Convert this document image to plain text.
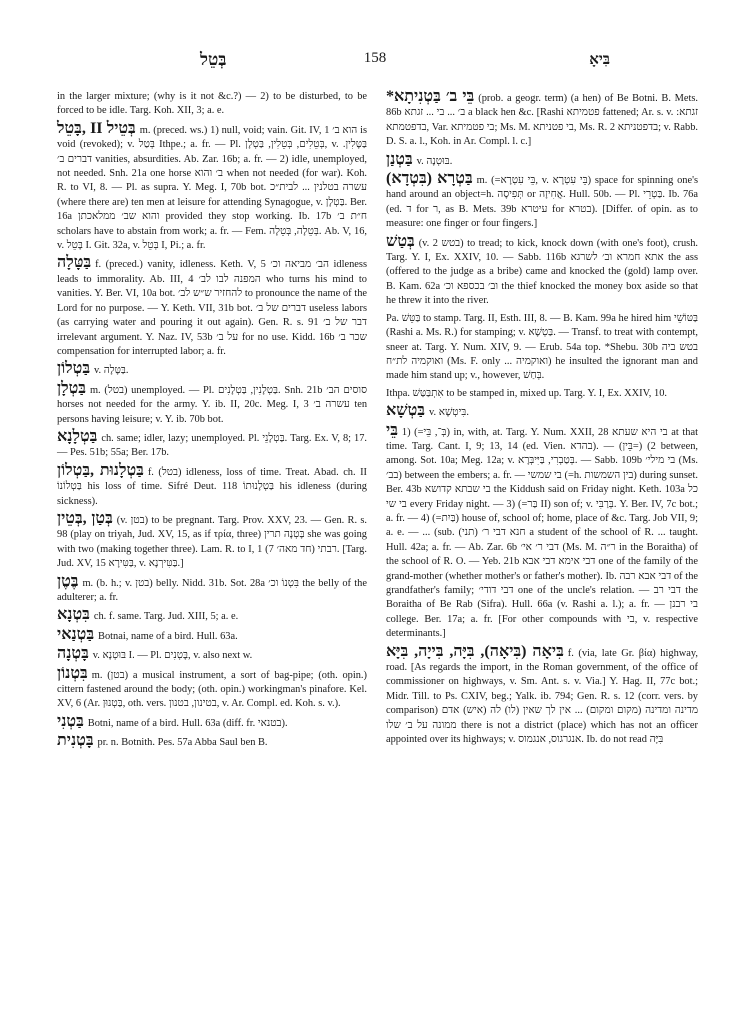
בְּטֵל	158	בִּיאָ

in the larger mixture; (why is it not &c.?) — 2) to be disturbed, to be forced to be idle. Targ. Koh. XII, 3; a. e.

בְּטֵיל II ,בָּטֵל m. (preced. ws.) 1) null, void; vain. Git. IV, 1 הוא ב׳ is void (revoked); v. בְּטַל Ithpe.; a. fr. — Pl. בְּטֵלִים, בְּטֵלִין, בַּטְלָן, v. בַּטָּלִין. דברים ב׳ vanities, absurdities. Ab. Zar. 16b; a. fr. — 2) idle, unemployed, not needed. Snh. 21a one horse ב׳ והוא when not needed (for war). Koh. R. to VI, 8. — Pl. as supra. Y. Meg. I, 70b bot. עשרה בטלנין ... לבית״כ (where there are) ten men at leisure for attending Synagogue, v. בַּטְלָן. Ber. 16a והוא שב׳ ממלאכתן provided they stop working. Ib. 17b ח״ת ב׳ scholars have to abstain from work; a. fr. — Fem. בְּטֵלָה, בְּטֵלָה. Ab. V, 16, v. בָּטֵל I. Git. 32a, v. בְּטֵל I, Pi.; a. fr.

בַּטָּלָה f. (preced.) vanity, idleness. Keth. V, 5 הב׳ מביאה וכ׳ idleness leads to immorality. Ab. III, 4 המפנה לבו לב׳ who turns his mind to vanities. Y. Ber. VI, 10a bot. להחזיר ש״ש לב׳ to pronounce the name of the Lord for no purpose. — Y. Keth. VII, 31b bot. דברים של ב׳ useless labors (as carrying water and pouring it out again). Gen. R. s. 91 דבר של ב׳ irrelevant argument. Y. Naz. IV, 53b על ב׳ for no use. Kidd. 16b שכר ב׳ compensation for interrupted labor; a. fr.

בַּטְלוֹן v. בַּטָּלָה.

בַּטְלָן m. (בטל) unemployed. — Pl. בַּטְלָנִין, בַּטְלָנִים. Snh. 21b סוסים הב׳ horses not needed for the army. Y. ib. II, 20c. Meg. I, 3 עשרה ב׳ ten persons having leisure; v. Y. ib. 70b bot.

בַּטְלָנָא ch. same; idler, lazy; unemployed. Pl. בַּטְלָנֵי. Targ. Ex. V, 8; 17. — Pes. 51b; 55a; Ber. 17b.

בַּטְלָנוּת ,בַּטְלוֹן f. (בטל) idleness, loss of time. Treat. Abad. ch. II בַּטְלוֹנוֹ his loss of time. Sifré Deut. 118 בַּטְלָנוּתוֹ his idleness (during sickness).

בְּטַן ,בְּטֵין (v. בטן) to be pregnant. Targ. Prov. XXV, 23. — Gen. R. s. 98 (play on triyah, Jud. XV, 15, as if τρία, three) בָּטְנָה תרין she was going with two (making together three). Lam. R. to I, 1 רבתי (חד מאה׳ 7). [Targ. Jud. XV, 15 בַּטִּירָא, v. בַּטִּירְנָא.]

בֶּטֶן m. (b. h.; v. בטן) belly. Nidd. 31b. Sot. 28a בִּטְנוֹ וכ׳ the belly of the adulterer; a. fr.

בִּטְנָא ch. f. same. Targ. Jud. XIII, 5; a. e.

בַּטְנַאי Botnai, name of a bird. Hull. 63a.

בָּטְנָה v. בּוּטְנָא I. — Pl. בָּטְנִים, v. also next w.

בִּטְנוֹן m. (בטן) a musical instrument, a sort of bag-pipe; (oth. opin.) cittern fastened around the body; (oth. opin.) workingman's pinafore. Kel. XV, 6 (Ar. בַּטְנוּן, oth. vers. בטינון, בטנון, v. Ar. Compl. ed. Koh. s. v.).

בַּטְנִי Botni, name of a bird. Hull. 63a (diff. fr. בטנאי).

בָּטְנִית pr. n. Botnith. Pes. 57a Abba Saul ben B.

בֵּי ב׳ בַּטְנִיתָא* (prob. a geogr. term) (a hen) of Be Botni. B. Mets. 86b ב׳ ... בי ... זגתא a black hen &c. [Rashi פטמיתא fattened; Ar. s. v. זגתא: בדפטמתא, Var. בי פטמיתא; Ms. M. בי פטניתא, Ms. R. 2 בדפטניתא; v. Rabb. D. S. a. l., Koh. in Ar. Compl. l. c.]

בַּטְנַן v. בּוּטְנָה.

בַּטְרָא (בִּטְדָא) m. (=בֵּי עִטְרָא, v. בֵּי עִטְרָא) space for spinning one's hand around an object=h. תְּפִיסָה or אֲחִיזָה. Hull. 50b. — Pl. בַּטְרֵי. Ib. 76a (ed. ד for ר, as B. Mets. 39b עיטרא for בטרא). [Differ. of opin. as to measure: one finger or four fingers.]

בְּטַשׁ (v. בטש 2) to tread; to kick, knock down (with one's foot), crush. Targ. Y. I, Ex. XXIV, 10. — Sabb. 116b אתא חמרא וב׳ לשרגא the ass (offered to the judge as a bribe) came and knocked the (gold) lamp over. B. Kam. 62a וב׳ בכספא וכ׳ the thief knocked the money box aside so that he threw it into the river.

Pa. בַּטֵּשׁ to stamp. Targ. II, Esth. III, 8. — B. Kam. 99a he hired him בַּטּוֹשֵׁי (Rashi a. Ms. R.) for stamping; v. בַּטְשָׁא. — Transf. to treat with contempt, sneer at. Targ. Y. Num. XIV, 9. — Erub. 54a top. *Shebu. 30b בטש ביה ואוקמיה לת״ח (Ms. F. only ... ואוקמיה) he insulted the ignorant man and made him stand up; v., however, בְּחַשׁ.

Ithpa. אִתְבַּטַּשׁ to be stamped in, mixed up. Targ. Y. I, Ex. XXIV, 10.

בַּטְשָׁא v. בִּיטְשָׁא.

בֵּי 1) (=בְּ־, בֵּי) in, with, at. Targ. Y. Num. XXII, 28 בי היא שעתא at that time. Targ. Cant. I, 9; 13, 14 (ed. Vien. בהדא). — 2) (=בֵּין) between, among. Sot. 10a; Meg. 12a; v. בְּטַבְרִי, בַּיִּיבְּרָא. — Sabb. 109b בי מילי׳ (Ms. בב׳) between the embers; a. fr. — בי שמשי (=h. בין השמשות) during sunset. Ber. 43b בי שבתא קדושא the Kiddush said on Friday night. Keth. 103a כל בי שי every Friday night. — 3) (=בַּר II) son of; v. בְּרַבִּי. Y. Ber. IV, 7c bot.; a. fr. — 4) (=בַּיִת) house of, school of; home, place of &c. Targ. Job VII, 9; a. e. — ... (sub. חנא דבי ר׳ (תני) a student of the school of R. ... taught. Hull. 42a; a. fr. — Ab. Zar. 6b דבי ר׳ אי׳ (Ms. M. ר״ה in the Boraitha) of the school of R. O. — Yeb. 21b דבי אימא דבי אבא one of the family of the grand-mother (whether mother's or father's mother). Ib. דבי אבא רבה of the grandfather's family; דבי דודי׳ one of the uncle's relation. — דבי רב the Boraitha of Be Rab (Sifra). Hull. 66a (v. Rashi a. l.); a. fr. — בי רבנן college. Ber. 17a; a. fr. [For other compounds with בי, v. respective determinants.]

בִּיאָה (בִּיאָה), בִּיָּה, בִּייָה, בִּיָּא f. (via, late Gr. βία) highway, road. [As regards the import, in the Roman government, of the office of commissioner on highways, v. Sm. Ant. s. v. Via.] Y. Hag. II, 77c bot.; Midr. Till. to Ps. CXIV, beg.; Yalk. ib. 794; Gen. R. s. 12 (corr. vers. by comparison) מדינה ומדינה (מקום ומקום) ... אין לך שאין (לו) לה (איש) אדם ממונה על ב׳ שלו there is not a district (place) which has not an officer appointed over its highways; v. אנגרגוס, אנגמוס. Ib. do not read בִּיָּה
